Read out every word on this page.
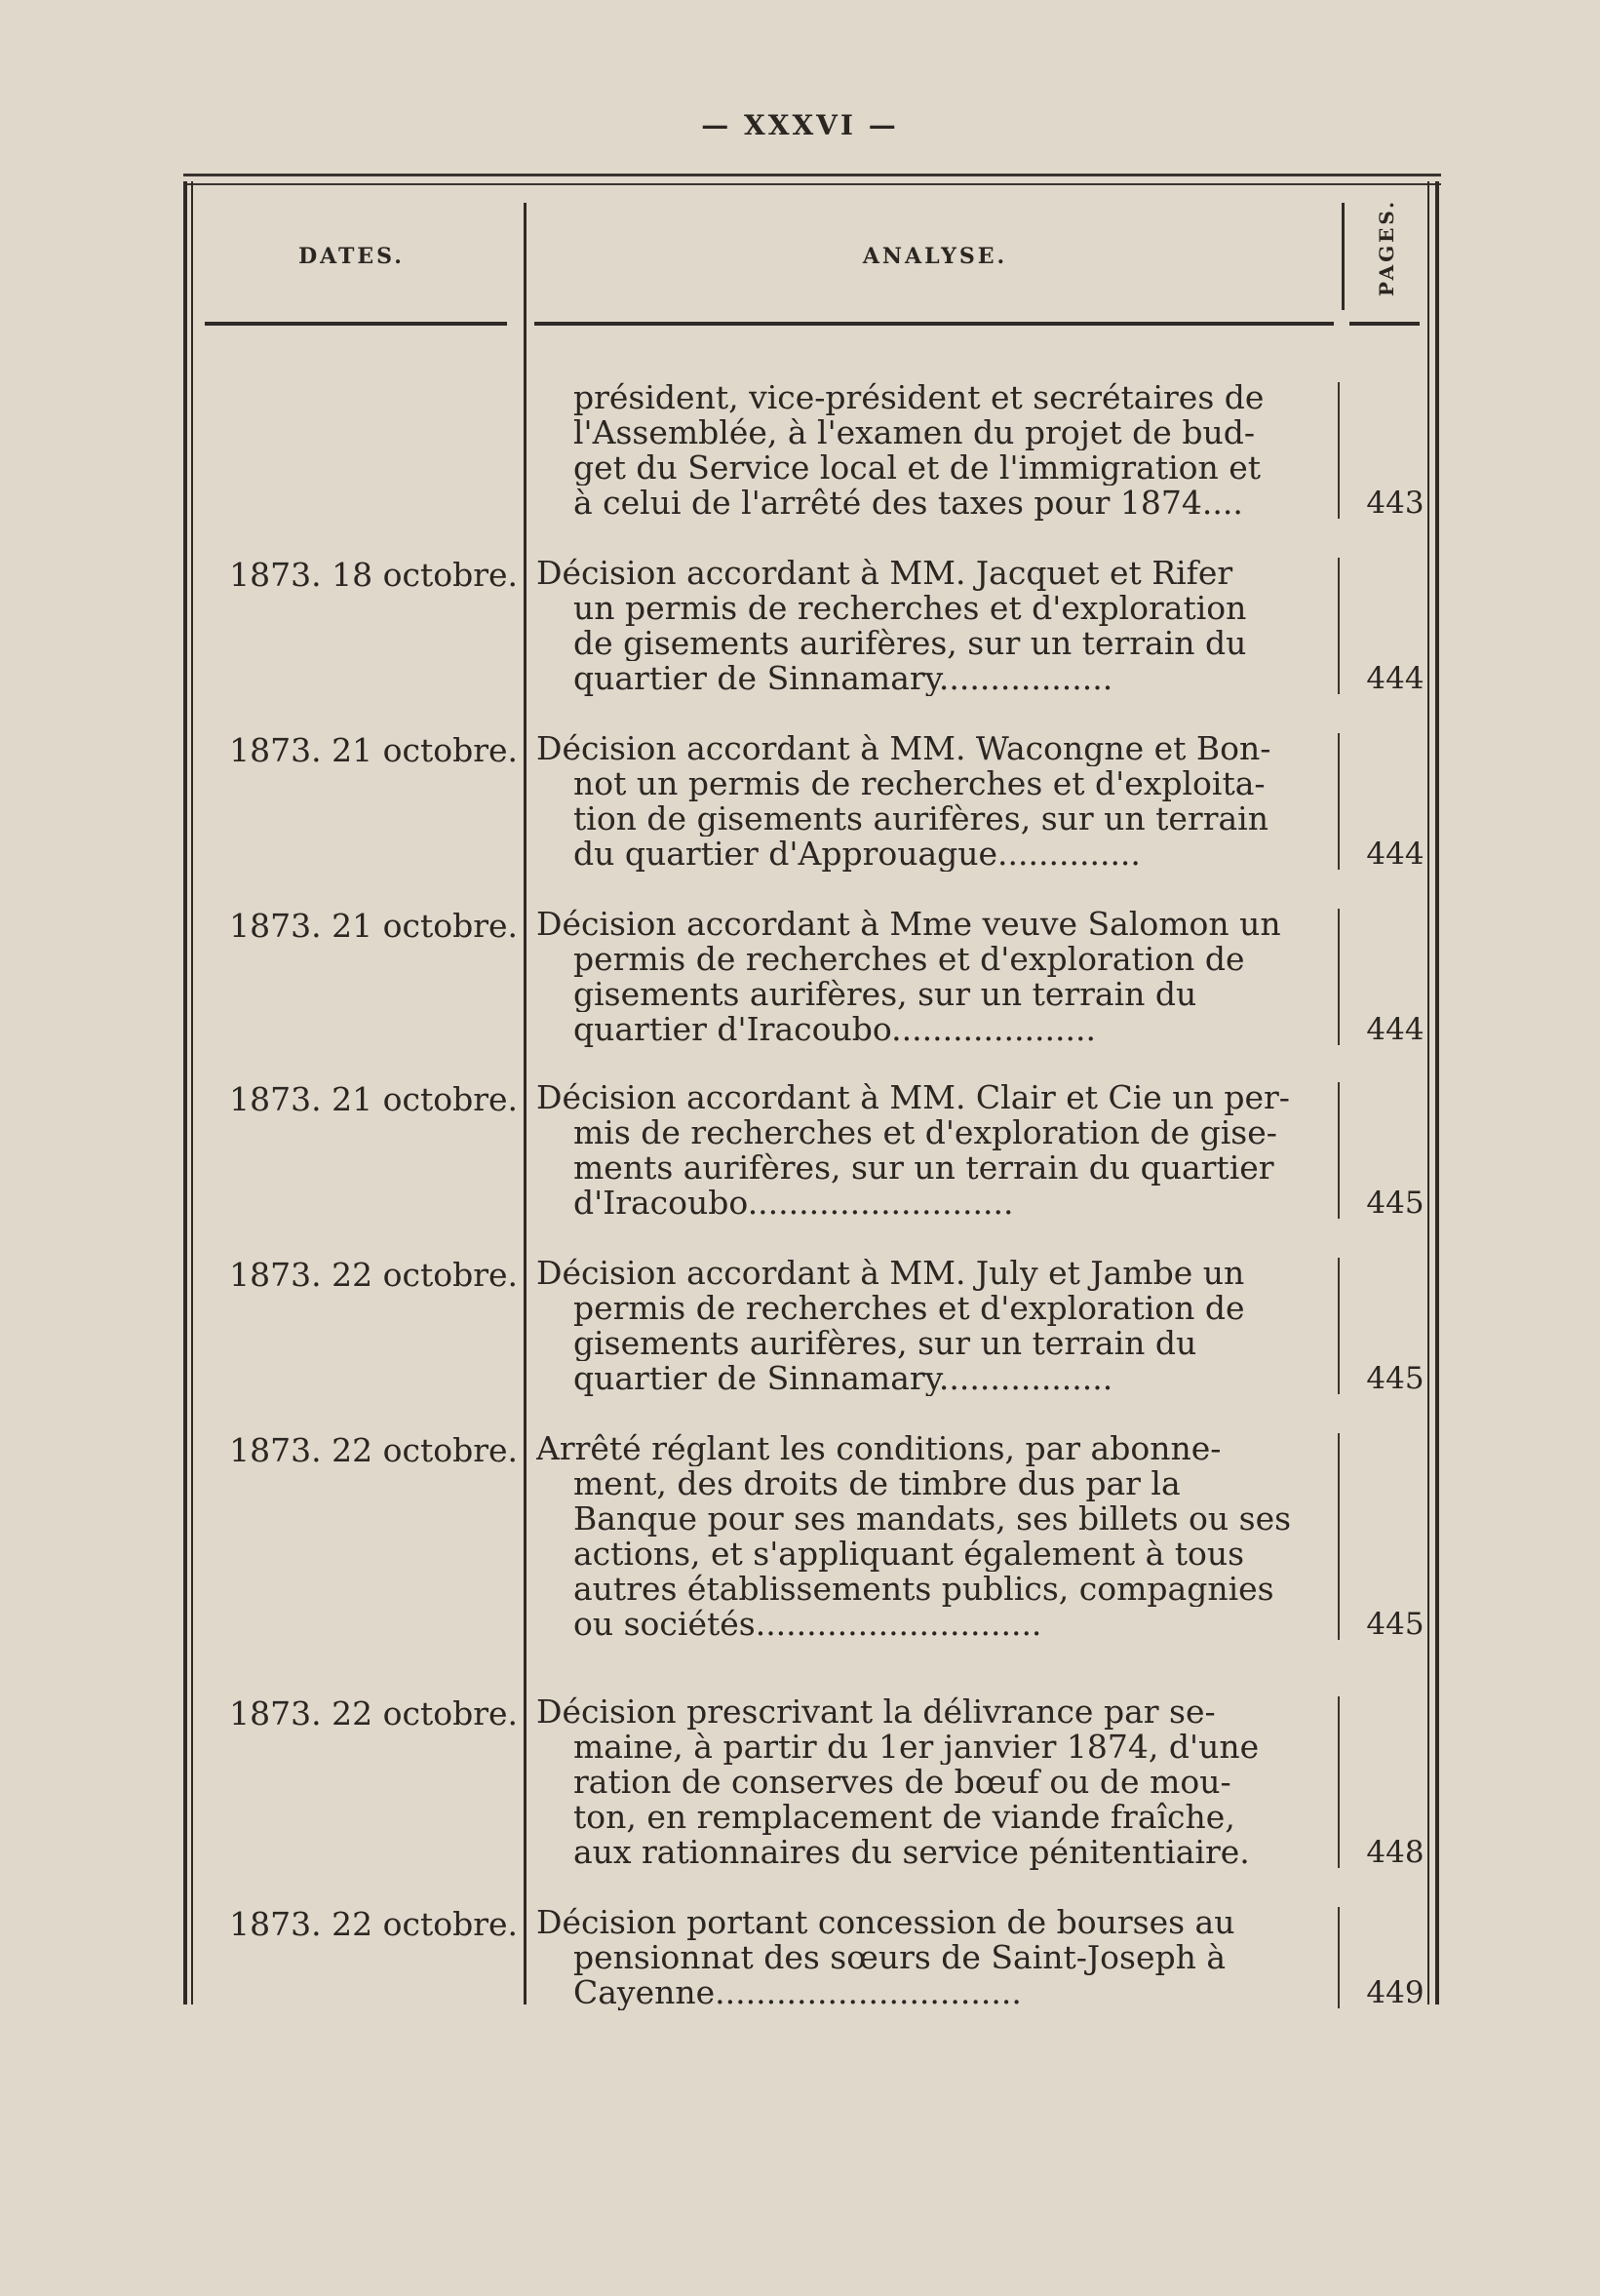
— XXXVI —
DATES.	ANALYSE.	PAGES.
président, vice-président et secrétaires de
l'Assemblée, à l'examen du projet de bud-
get du Service local et de l'immigration et
à celui de l'arrêté des taxes pour 1874....	443
1873. 18 octobre. Décision accordant à MM. Jacquet et Rifer
un permis de recherches et d'exploration
de gisements aurifères, sur un terrain du
quartier de Sinnamary.................	444
1873. 21 octobre. Décision accordant à MM. Wacongne et Bon-
not un permis de recherches et d'exploita-
tion de gisements aurifères, sur un terrain
du quartier d'Approuague..............	444
1873. 21 octobre. Décision accordant à Mme veuve Salomon un
permis de recherches et d'exploration de
gisements aurifères, sur un terrain du
quartier d'Iracoubo....................	444
1873. 21 octobre. Décision accordant à MM. Clair et Cie un per-
mis de recherches et d'exploration de gise-
ments aurifères, sur un terrain du quartier
d'Iracoubo..........................	445
1873. 22 octobre. Décision accordant à MM. July et Jambe un
permis de recherches et d'exploration de
gisements aurifères, sur un terrain du
quartier de Sinnamary.................	445
1873. 22 octobre. Arrêté réglant les conditions, par abonne-
ment, des droits de timbre dus par la
Banque pour ses mandats, ses billets ou ses
actions, et s'appliquant également à tous
autres établissements publics, compagnies
ou sociétés............................	445
1873. 22 octobre. Décision prescrivant la délivrance par se-
maine, à partir du 1er janvier 1874, d'une
ration de conserves de bœuf ou de mou-
ton, en remplacement de viande fraîche,
aux rationnaires du service pénitentiaire.	448
1873. 22 octobre. Décision portant concession de bourses au
pensionnat des sœurs de Saint-Joseph à
Cayenne..............................	449
